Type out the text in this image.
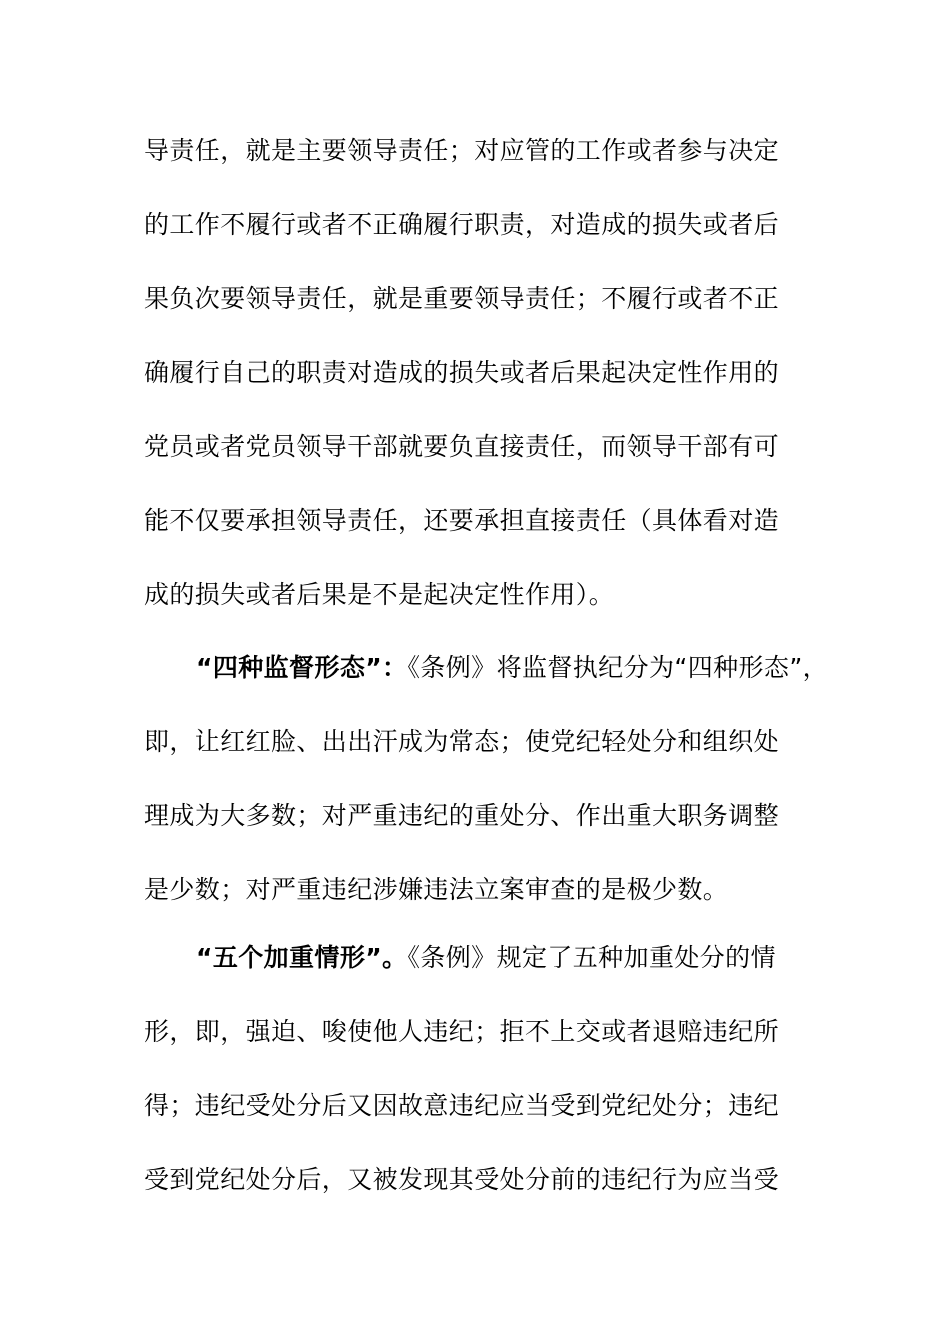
导责任，就是主要领导责任；对应管的工作或者参与决定
的工作不履行或者不正确履行职责，对造成的损失或者后
果负次要领导责任，就是重要领导责任；不履行或者不正
确履行自己的职责对造成的损失或者后果起决定性作用的
党员或者党员领导干部就要负直接责任，而领导干部有可
能不仅要承担领导责任，还要承担直接责任（具体看对造
成的损失或者后果是不是起决定性作用）。
“四种监督形态”：《条例》将监督执纪分为“四种形态”，
即，让红红脸、出出汗成为常态；使党纪轻处分和组织处
理成为大多数；对严重违纪的重处分、作出重大职务调整
是少数；对严重违纪涉嫌违法立案审查的是极少数。
“五个加重情形”。《条例》规定了五种加重处分的情
形，即，强迫、唆使他人违纪；拒不上交或者退赔违纪所
得；违纪受处分后又因故意违纪应当受到党纪处分；违纪
受到党纪处分后，又被发现其受处分前的违纪行为应当受
